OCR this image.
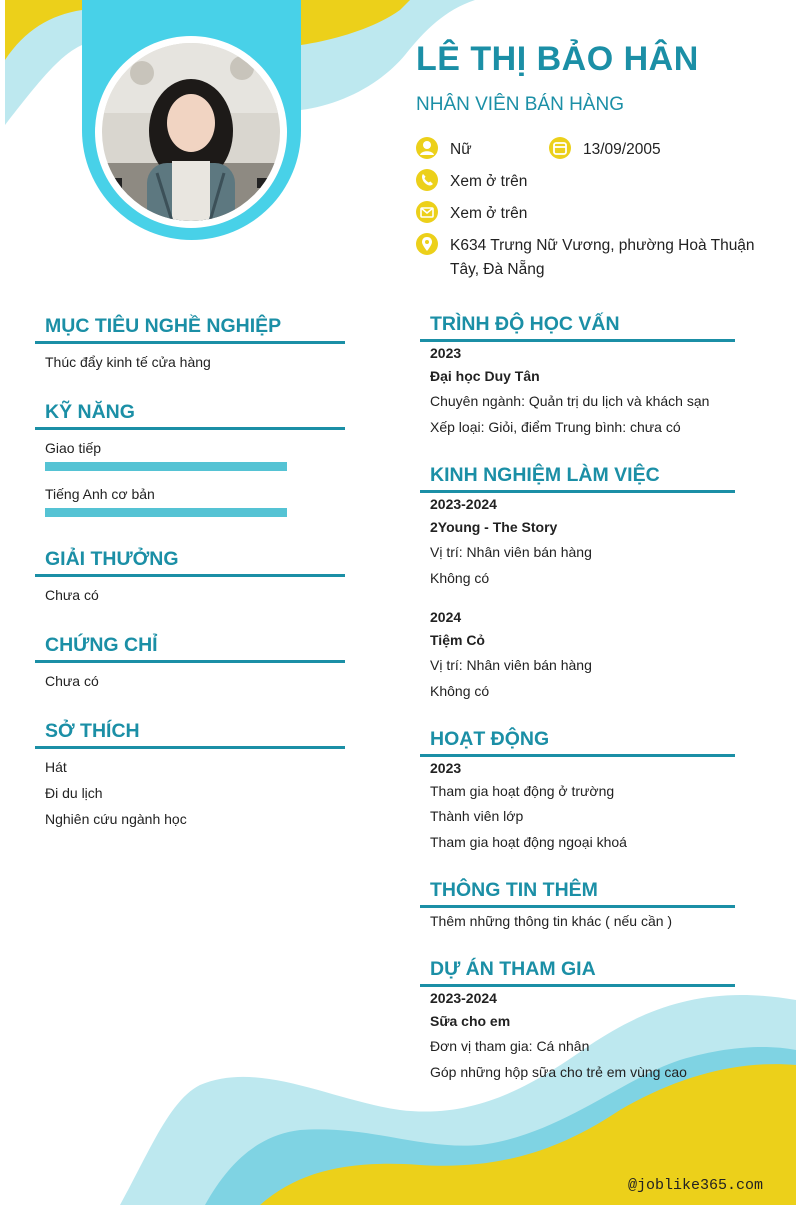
LÊ THỊ BẢO HÂN

NHÂN VIÊN BÁN HÀNG

Nữ	13/09/2005
Xem ở trên
Xem ở trên
K634 Trưng Nữ Vương, phường Hoà Thuận
Tây, Đà Nẵng
MỤC TIÊU NGHỀ NGHIỆP
Thúc đẩy kinh tế cửa hàng
KỸ NĂNG
Giao tiếp
Tiếng Anh cơ bản
GIẢI THƯỞNG
Chưa có
CHỨNG CHỈ
Chưa có
SỞ THÍCH
Hát
Đi du lịch
Nghiên cứu ngành học
TRÌNH ĐỘ HỌC VẤN
2023
Đại học Duy Tân
Chuyên ngành: Quản trị du lịch và khách sạn
Xếp loại: Giỏi, điểm Trung bình: chưa có
KINH NGHIỆM LÀM VIỆC
2023-2024
2Young - The Story
Vị trí: Nhân viên bán hàng
Không có
2024
Tiệm Cỏ
Vị trí: Nhân viên bán hàng
Không có
HOẠT ĐỘNG
2023
Tham gia hoạt động ở trường
Thành viên lớp
Tham gia hoạt động ngoại khoá
THÔNG TIN THÊM
Thêm những thông tin khác ( nếu cần )
DỰ ÁN THAM GIA
2023-2024
Sữa cho em
Đơn vị tham gia: Cá nhân
Góp những hộp sữa cho trẻ em vùng cao
@joblike365.com
